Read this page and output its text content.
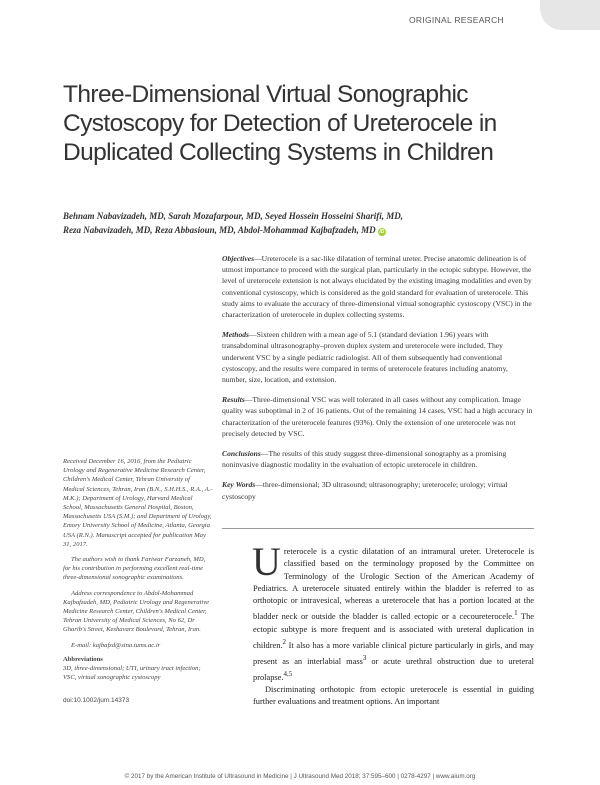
ORIGINAL RESEARCH
Three-Dimensional Virtual Sonographic Cystoscopy for Detection of Ureterocele in Duplicated Collecting Systems in Children
Behnam Nabavizadeh, MD, Sarah Mozafarpour, MD, Seyed Hossein Hosseini Sharifi, MD,
Reza Nabavizadeh, MD, Reza Abbasioun, MD, Abdol-Mohammad Kajbafzadeh, MD iD

Objectives—Ureterocele is a sac-like dilatation of terminal ureter. Precise anatomic delineation is of utmost importance to proceed with the surgical plan, particularly in the ectopic subtype. However, the level of ureterocele extension is not always elucidated by the existing imaging modalities and even by conventional cystoscopy, which is considered as the gold standard for evaluation of ureterocele. This study aims to evaluate the accuracy of three-dimensional virtual sonographic cystoscopy (VSC) in the characterization of ureterocele in duplex collecting systems.

Methods—Sixteen children with a mean age of 5.1 (standard deviation 1.96) years with transabdominal ultrasonography–proven duplex system and ureterocele were included. They underwent VSC by a single pediatric radiologist. All of them subsequently had conventional cystoscopy, and the results were compared in terms of ureterocele features including anatomy, number, size, location, and extension.

Results—Three-dimensional VSC was well tolerated in all cases without any complication. Image quality was suboptimal in 2 of 16 patients. Out of the remaining 14 cases, VSC had a high accuracy in characterization of the ureterocele features (93%). Only the extension of one ureterocele was not precisely detected by VSC.

Conclusions—The results of this study suggest three-dimensional sonography as a promising noninvasive diagnostic modality in the evaluation of ectopic ureterocele in children.

Key Words—three-dimensional; 3D ultrasound; ultrasonography; ureterocele; urology; virtual cystoscopy

Received December 16, 2016, from the Pediatric Urology and Regenerative Medicine Research Center, Children's Medical Center, Tehran University of Medical Sciences, Tehran, Iran (B.N., S.H.H.S., R.A., A.-M.K.); Department of Urology, Harvard Medical School, Massachusetts General Hospital, Boston, Massachusetts USA (S.M.); and Department of Urology, Emory University School of Medicine, Atlanta, Georgia USA (R.N.). Manuscript accepted for publication May 31, 2017.

The authors wish to thank Fariwar Farzaneh, MD, for his contribution in performing excellent real-time three-dimensional sonographic examinations.

Address correspondence to Abdol-Mohammad Kajbafzadeh, MD, Pediatric Urology and Regenerative Medicine Research Center, Children's Medical Center, Tehran University of Medical Sciences, No 62, Dr Gharib's Street, Keshavarz Boulevard, Tehran, Iran.

E-mail: kajbafzd@sina.tums.ac.ir

Abbreviations
3D, three-dimensional; UTI, urinary tract infection; VSC, virtual sonographic cystoscopy
doi:10.1002/jum.14373

Ureterocele is a cystic dilatation of an intramural ureter. Ureterocele is classified based on the terminology proposed by the Committee on Terminology of the Urologic Section of the American Academy of Pediatrics. A ureterocele situated entirely within the bladder is referred to as orthotopic or intravesical, whereas a ureterocele that has a portion located at the bladder neck or outside the bladder is called ectopic or a cecoureterocele.$^1$ The ectopic subtype is more frequent and is associated with ureteral duplication in children.$^2$ It also has a more variable clinical picture particularly in girls, and may present as an interlabial mass$^3$ or acute urethral obstruction due to ureteral prolapse.$^{4,5}$

Discriminating orthotopic from ectopic ureterocele is essential in guiding further evaluations and treatment options. An important

© 2017 by the American Institute of Ultrasound in Medicine | J Ultrasound Med 2018; 37:595–600 | 0278-4297 | www.aium.org
